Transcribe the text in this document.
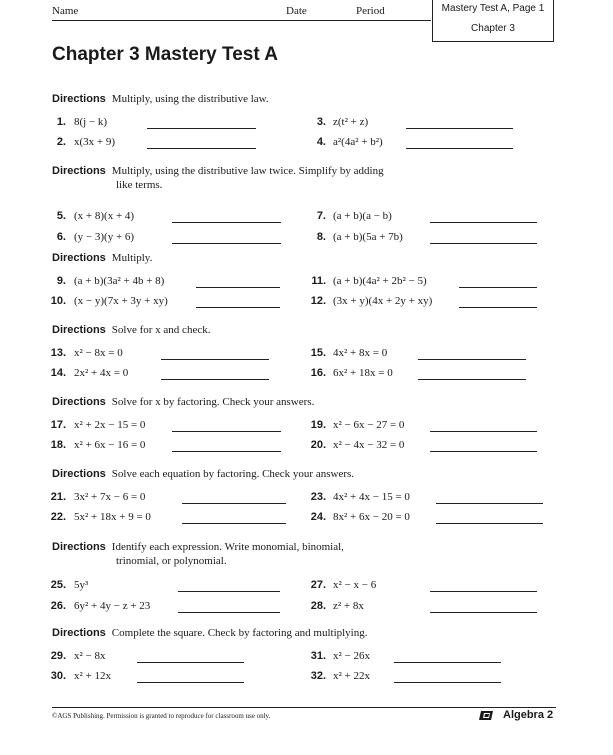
Name	Date	Period	Mastery Test A, Page 1
Chapter 3
Chapter 3 Mastery Test A
Directions Multiply, using the distributive law.
1. 8(j − k)	3. z(t² + z)
2. x(3x + 9)	4. a²(4a² + b²)
Directions Multiply, using the distributive law twice. Simplify by adding
like terms.
5. (x + 8)(x + 4)	7. (a + b)(a − b)
6. (y − 3)(y + 6)	8. (a + b)(5a + 7b)
Directions Multiply.
9. (a + b)(3a² + 4b + 8)	11. (a + b)(4a² + 2b² − 5)
10. (x − y)(7x + 3y + xy)	12. (3x + y)(4x + 2y + xy)
Directions Solve for x and check.
13. x² − 8x = 0	15. 4x² + 8x = 0
14. 2x² + 4x = 0	16. 6x² + 18x = 0
Directions Solve for x by factoring. Check your answers.
17. x² + 2x − 15 = 0	19. x² − 6x − 27 = 0
18. x² + 6x − 16 = 0	20. x² − 4x − 32 = 0
Directions Solve each equation by factoring. Check your answers.
21. 3x² + 7x − 6 = 0	23. 4x² + 4x − 15 = 0
22. 5x² + 18x + 9 = 0	24. 8x² + 6x − 20 = 0
Directions Identify each expression. Write monomial, binomial,
trinomial, or polynomial.
25. 5y³	27. x² − x − 6
26. 6y² + 4y − z + 23	28. z² + 8x
Directions Complete the square. Check by factoring and multiplying.
29. x² − 8x	31. x² − 26x
30. x² + 12x	32. x² + 22x
©AGS Publishing. Permission is granted to reproduce for classroom use only.	Algebra 2
